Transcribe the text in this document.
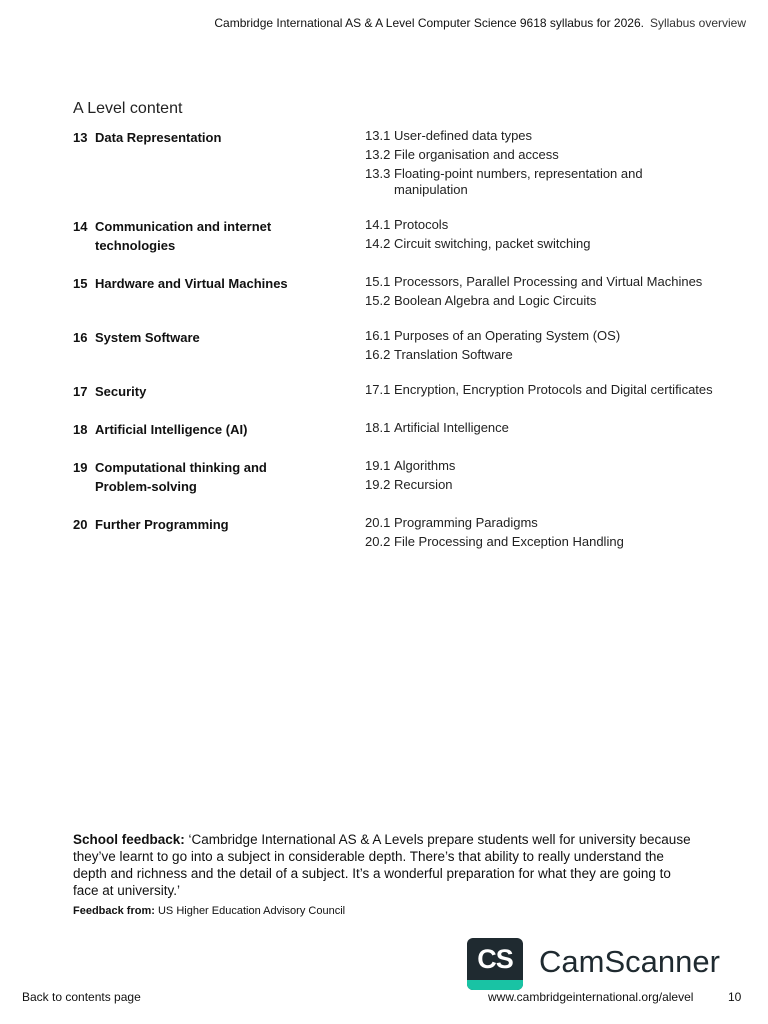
Cambridge International AS & A Level Computer Science 9618 syllabus for 2026. Syllabus overview
A Level content
13 Data Representation	13.1 User-defined data types
13.2 File organisation and access
13.3 Floating-point numbers, representation and manipulation
14 Communication and internet technologies
14.1 Protocols
14.2 Circuit switching, packet switching
15 Hardware and Virtual Machines	15.1 Processors, Parallel Processing and Virtual Machines
15.2 Boolean Algebra and Logic Circuits
16 System Software	16.1 Purposes of an Operating System (OS)
16.2 Translation Software
17 Security	17.1 Encryption, Encryption Protocols and Digital certificates
18 Artificial Intelligence (AI)	18.1 Artificial Intelligence
19 Computational thinking and Problem-solving
19.1 Algorithms
19.2 Recursion
20 Further Programming	20.1 Programming Paradigms
20.2 File Processing and Exception Handling
School feedback: ‘Cambridge International AS & A Levels prepare students well for university because they’ve learnt to go into a subject in considerable depth. There’s that ability to really understand the depth and richness and the detail of a subject. It’s a wonderful preparation for what they are going to face at university.’
Feedback from: US Higher Education Advisory Council
CS CamScanner
Back to contents page	www.cambridgeinternational.org/alevel	10
